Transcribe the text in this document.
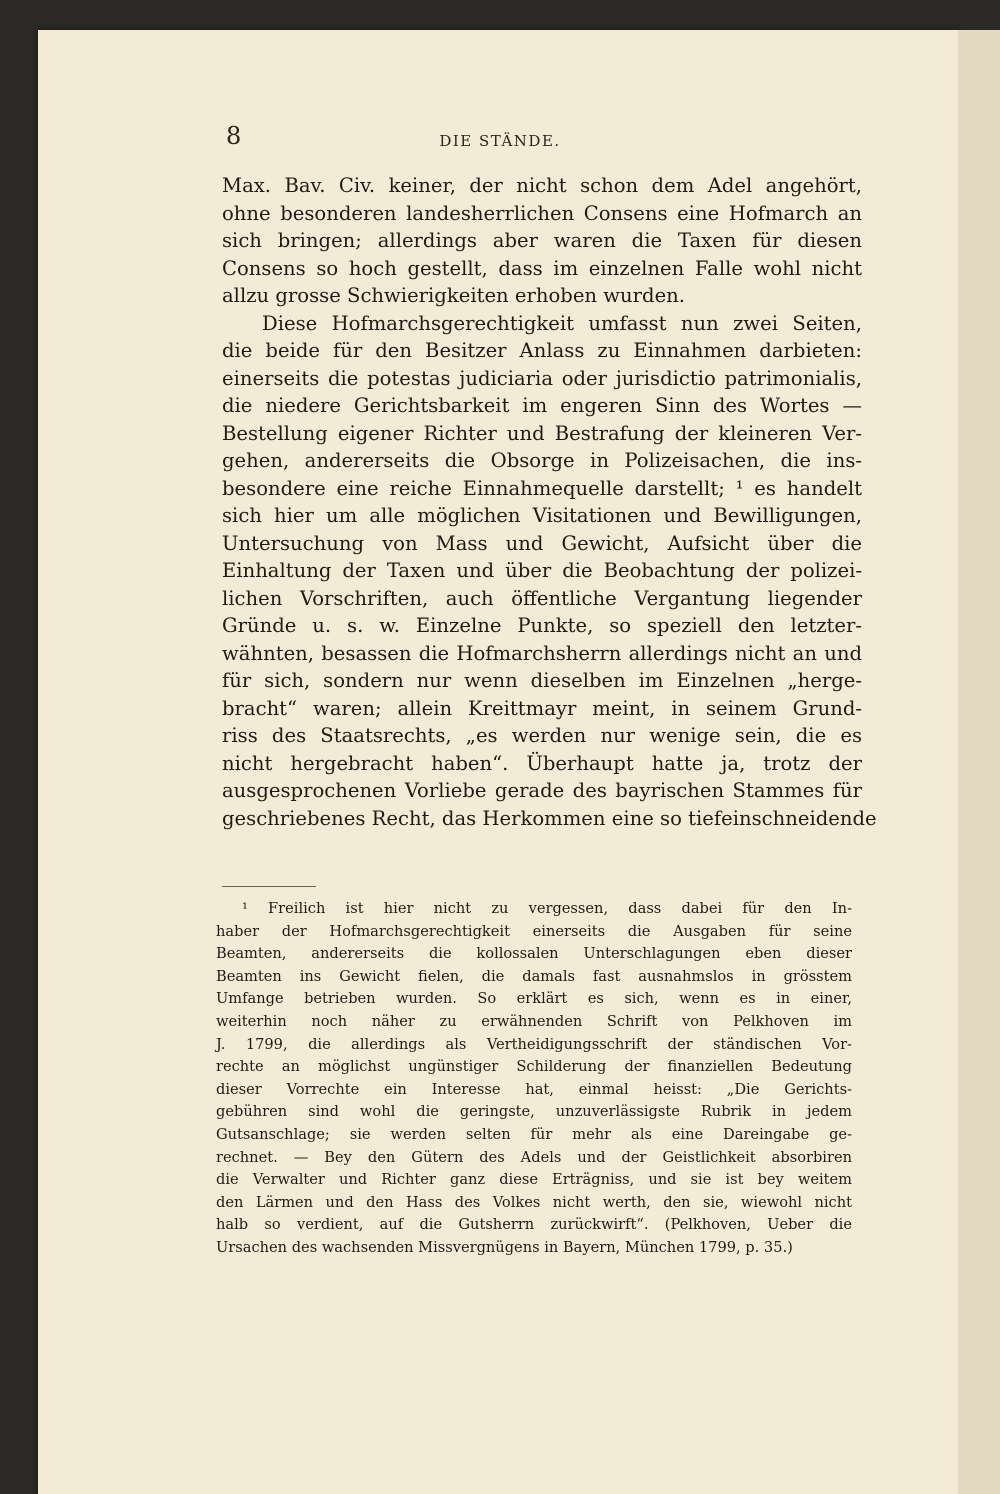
8	DIE STÄNDE.
Max. Bav. Civ. keiner, der nicht schon dem Adel angehört,
ohne besonderen landesherrlichen Consens eine Hofmarch an
sich bringen; allerdings aber waren die Taxen für diesen
Consens so hoch gestellt, dass im einzelnen Falle wohl nicht
allzu grosse Schwierigkeiten erhoben wurden.
Diese Hofmarchsgerechtigkeit umfasst nun zwei Seiten,
die beide für den Besitzer Anlass zu Einnahmen darbieten:
einerseits die potestas judiciaria oder jurisdictio patrimonialis,
die niedere Gerichtsbarkeit im engeren Sinn des Wortes —
Bestellung eigener Richter und Bestrafung der kleineren Ver-
gehen, andererseits die Obsorge in Polizeisachen, die ins-
besondere eine reiche Einnahmequelle darstellt; ¹ es handelt
sich hier um alle möglichen Visitationen und Bewilligungen,
Untersuchung von Mass und Gewicht, Aufsicht über die
Einhaltung der Taxen und über die Beobachtung der polizei-
lichen Vorschriften, auch öffentliche Vergantung liegender
Gründe u. s. w. Einzelne Punkte, so speziell den letzter-
wähnten, besassen die Hofmarchsherrn allerdings nicht an und
für sich, sondern nur wenn dieselben im Einzelnen „herge-
bracht“ waren; allein Kreittmayr meint, in seinem Grund-
riss des Staatsrechts, „es werden nur wenige sein, die es
nicht hergebracht haben“. Überhaupt hatte ja, trotz der
ausgesprochenen Vorliebe gerade des bayrischen Stammes für
geschriebenes Recht, das Herkommen eine so tiefeinschneidende
¹ Freilich ist hier nicht zu vergessen, dass dabei für den In-
haber der Hofmarchsgerechtigkeit einerseits die Ausgaben für seine
Beamten, andererseits die kollossalen Unterschlagungen eben dieser
Beamten ins Gewicht fielen, die damals fast ausnahmslos in grösstem
Umfange betrieben wurden. So erklärt es sich, wenn es in einer,
weiterhin noch näher zu erwähnenden Schrift von Pelkhoven im
J. 1799, die allerdings als Vertheidigungsschrift der ständischen Vor-
rechte an möglichst ungünstiger Schilderung der finanziellen Bedeutung
dieser Vorrechte ein Interesse hat, einmal heisst: „Die Gerichts-
gebühren sind wohl die geringste, unzuverlässigste Rubrik in jedem
Gutsanschlage; sie werden selten für mehr als eine Dareingabe ge-
rechnet. — Bey den Gütern des Adels und der Geistlichkeit absorbiren
die Verwalter und Richter ganz diese Erträgniss, und sie ist bey weitem
den Lärmen und den Hass des Volkes nicht werth, den sie, wiewohl nicht
halb so verdient, auf die Gutsherrn zurückwirft“. (Pelkhoven, Ueber die
Ursachen des wachsenden Missvergnügens in Bayern, München 1799, p. 35.)
